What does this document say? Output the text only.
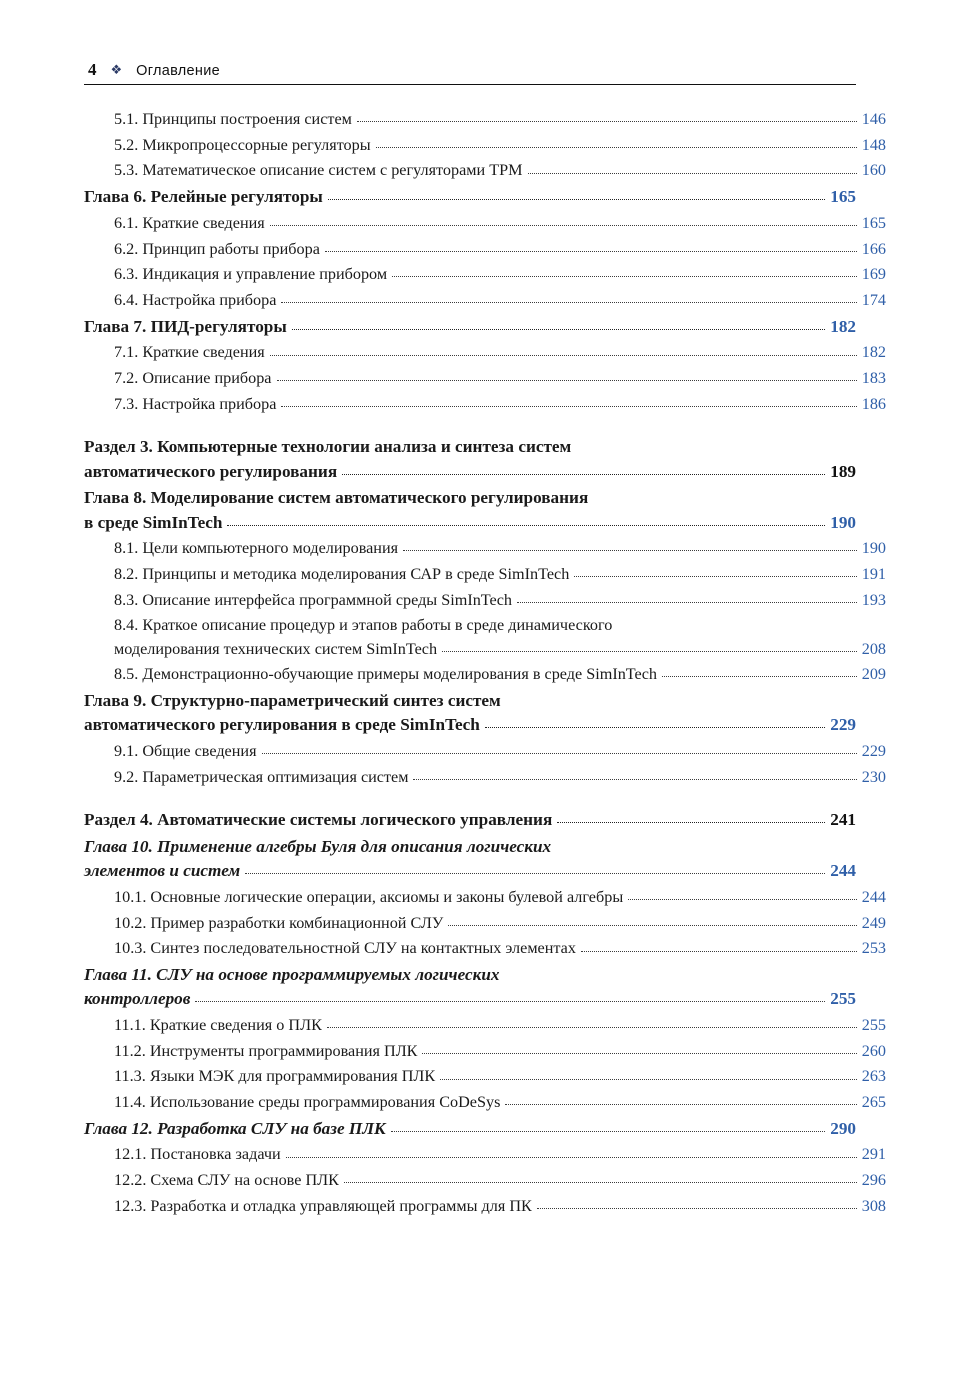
4 ❖ Оглавление
5.1. Принципы построения систем	146
5.2. Микропроцессорные регуляторы	148
5.3. Математическое описание систем с регуляторами ТРМ	160
Глава 6. Релейные регуляторы	165
6.1. Краткие сведения	165
6.2. Принцип работы прибора	166
6.3. Индикация и управление прибором	169
6.4. Настройка прибора	174
Глава 7. ПИД-регуляторы	182
7.1. Краткие сведения	182
7.2. Описание прибора	183
7.3. Настройка прибора	186
Раздел 3. Компьютерные технологии анализа и синтеза систем
автоматического регулирования	189
Глава 8. Моделирование систем автоматического регулирования
в среде SimInTech	190
8.1. Цели компьютерного моделирования	190
8.2. Принципы и методика моделирования САР в среде SimInTech	191
8.3. Описание интерфейса программной среды SimInTech	193
8.4. Краткое описание процедур и этапов работы в среде динамического
моделирования технических систем SimInTech	208
8.5. Демонстрационно-обучающие примеры моделирования в среде SimInTech	209
Глава 9. Структурно-параметрический синтез систем
автоматического регулирования в среде SimInTech	229
9.1. Общие сведения	229
9.2. Параметрическая оптимизация систем	230
Раздел 4. Автоматические системы логического управления	241
Глава 10. Применение алгебры Буля для описания логических
элементов и систем	244
10.1. Основные логические операции, аксиомы и законы булевой алгебры	244
10.2. Пример разработки комбинационной СЛУ	249
10.3. Синтез последовательностной СЛУ на контактных элементах	253
Глава 11. СЛУ на основе программируемых логических
контроллеров	255
11.1. Краткие сведения о ПЛК	255
11.2. Инструменты программирования ПЛК	260
11.3. Языки МЭК для программирования ПЛК	263
11.4. Использование среды программирования CoDeSys	265
Глава 12. Разработка СЛУ на базе ПЛК	290
12.1. Постановка задачи	291
12.2. Схема СЛУ на основе ПЛК	296
12.3. Разработка и отладка управляющей программы для ПК	308
